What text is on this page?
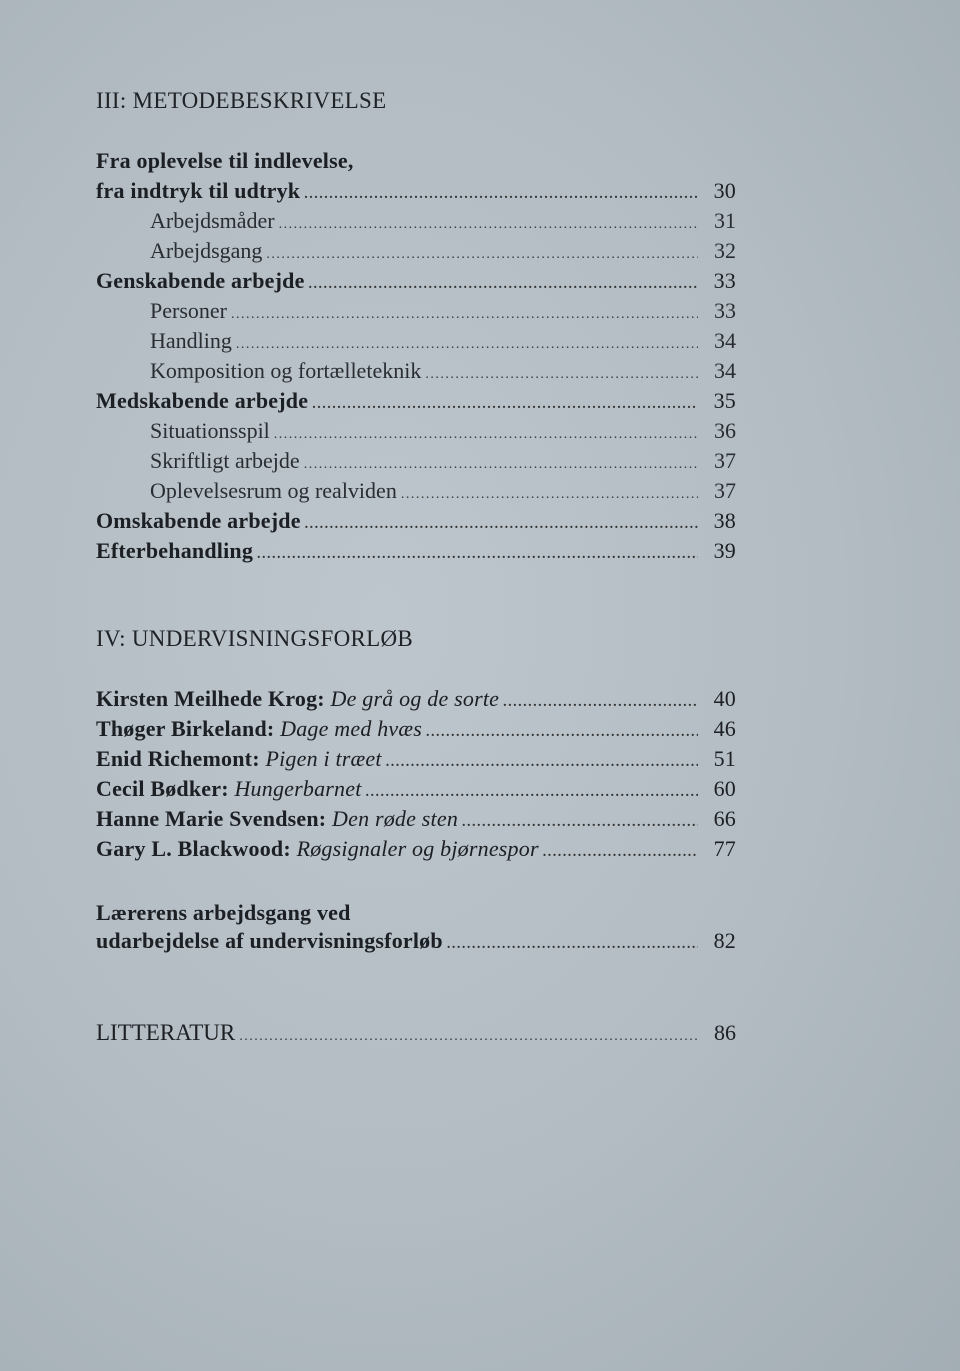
III: METODEBESKRIVELSE
Fra oplevelse til indlevelse,
fra indtryk til udtryk .....	30
Arbejdsmåder .....	31
Arbejdsgang .....	32
Genskabende arbejde .....	33
Personer .....	33
Handling .....	34
Komposition og fortælleteknik .....	34
Medskabende arbejde .....	35
Situationsspil .....	36
Skriftligt arbejde .....	37
Oplevelsesrum og realviden .....	37
Omskabende arbejde .....	38
Efterbehandling .....	39
IV: UNDERVISNINGSFORLØB
Kirsten Meilhede Krog: De grå og de sorte .....	40
Thøger Birkeland: Dage med hvæs .....	46
Enid Richemont: Pigen i træet .....	51
Cecil Bødker: Hungerbarnet .....	60
Hanne Marie Svendsen: Den røde sten .....	66
Gary L. Blackwood: Røgsignaler og bjørnespor .....	77
Lærerens arbejdsgang ved
udarbejdelse af undervisningsforløb .....	82
LITTERATUR .....	86
